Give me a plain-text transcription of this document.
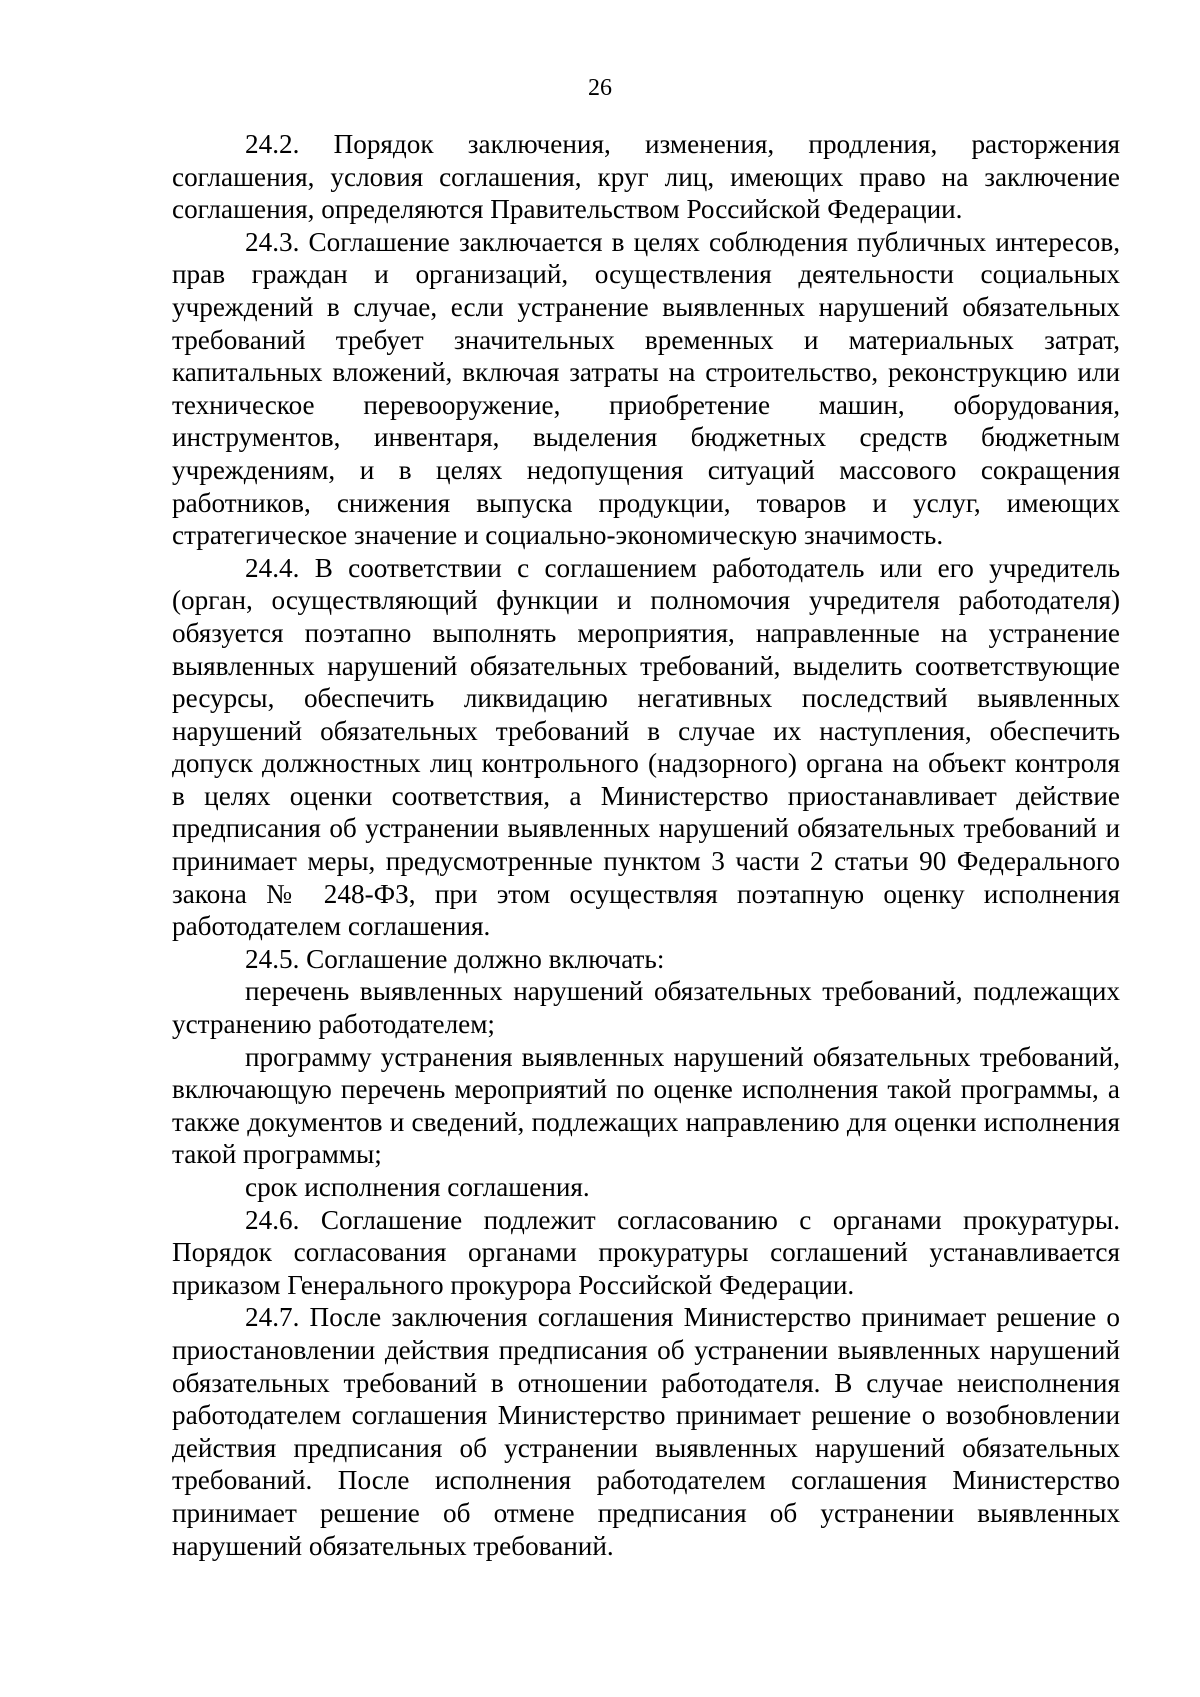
26

24.2. Порядок заключения, изменения, продления, расторжения соглашения, условия соглашения, круг лиц, имеющих право на заключение соглашения, определяются Правительством Российской Федерации.

24.3. Соглашение заключается в целях соблюдения публичных интересов, прав граждан и организаций, осуществления деятельности социальных учреждений в случае, если устранение выявленных нарушений обязательных требований требует значительных временных и материальных затрат, капитальных вложений, включая затраты на строительство, реконструкцию или техническое перевооружение, приобретение машин, оборудования, инструментов, инвентаря, выделения бюджетных средств бюджетным учреждениям, и в целях недопущения ситуаций массового сокращения работников, снижения выпуска продукции, товаров и услуг, имеющих стратегическое значение и социально-экономическую значимость.

24.4. В соответствии с соглашением работодатель или его учредитель (орган, осуществляющий функции и полномочия учредителя работодателя) обязуется поэтапно выполнять мероприятия, направленные на устранение выявленных нарушений обязательных требований, выделить соответствующие ресурсы, обеспечить ликвидацию негативных последствий выявленных нарушений обязательных требований в случае их наступления, обеспечить допуск должностных лиц контрольного (надзорного) органа на объект контроля в целях оценки соответствия, а Министерство приостанавливает действие предписания об устранении выявленных нарушений обязательных требований и принимает меры, предусмотренные пунктом 3 части 2 статьи 90 Федерального закона № 248-ФЗ, при этом осуществляя поэтапную оценку исполнения работодателем соглашения.

24.5. Соглашение должно включать:

перечень выявленных нарушений обязательных требований, подлежащих устранению работодателем;

программу устранения выявленных нарушений обязательных требований, включающую перечень мероприятий по оценке исполнения такой программы, а также документов и сведений, подлежащих направлению для оценки исполнения такой программы;

срок исполнения соглашения.

24.6. Соглашение подлежит согласованию с органами прокуратуры. Порядок согласования органами прокуратуры соглашений устанавливается приказом Генерального прокурора Российской Федерации.

24.7. После заключения соглашения Министерство принимает решение о приостановлении действия предписания об устранении выявленных нарушений обязательных требований в отношении работодателя. В случае неисполнения работодателем соглашения Министерство принимает решение о возобновлении действия предписания об устранении выявленных нарушений обязательных требований. После исполнения работодателем соглашения Министерство принимает решение об отмене предписания об устранении выявленных нарушений обязательных требований.
